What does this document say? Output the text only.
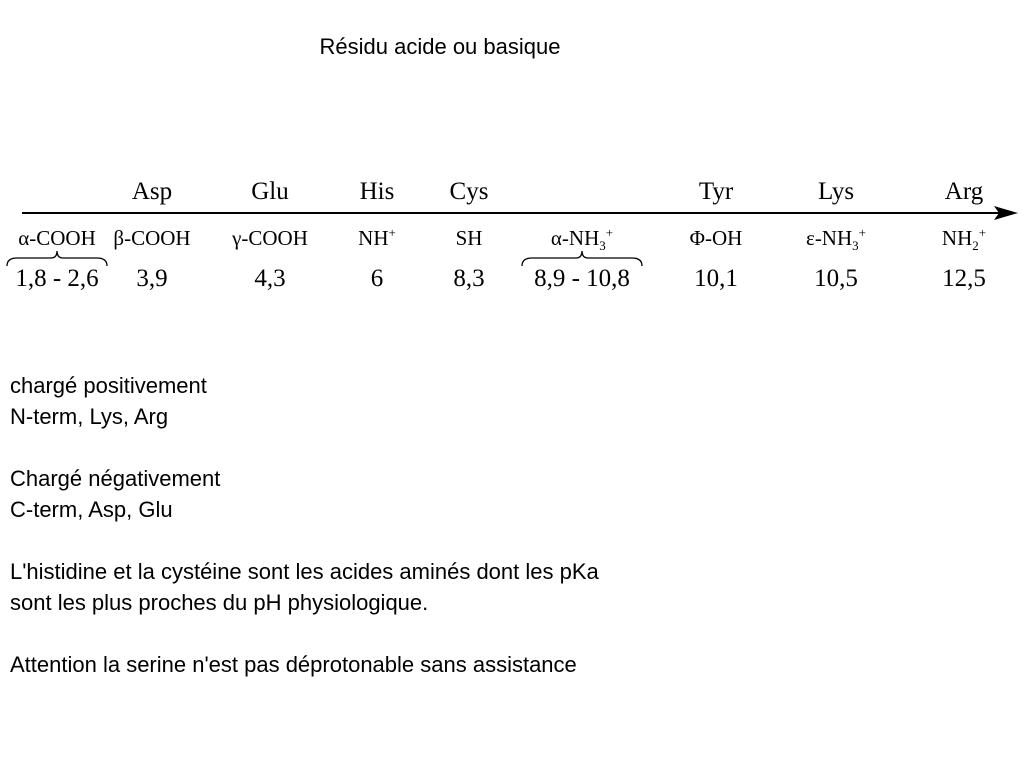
Résidu acide ou basique
α-COOH
1,8 - 2,6
Asp
β-COOH
3,9
Glu
γ-COOH
4,3
His
NH+
6
Cys
SH
8,3
$\alpha-NH_3^+$
8,9 - 10,8
Tyr
Φ-OH
10,1
Lys
$\varepsilon-NH_3^+$
10,5
Arg
$NH_2^+$
12,5

chargé positivement

N-term, Lys, Arg

Chargé négativement

C-term, Asp, Glu

L'histidine et la cystéine sont les acides aminés dont les pKa

sont les plus proches du pH physiologique.

Attention la serine n'est pas déprotonable sans assistance
